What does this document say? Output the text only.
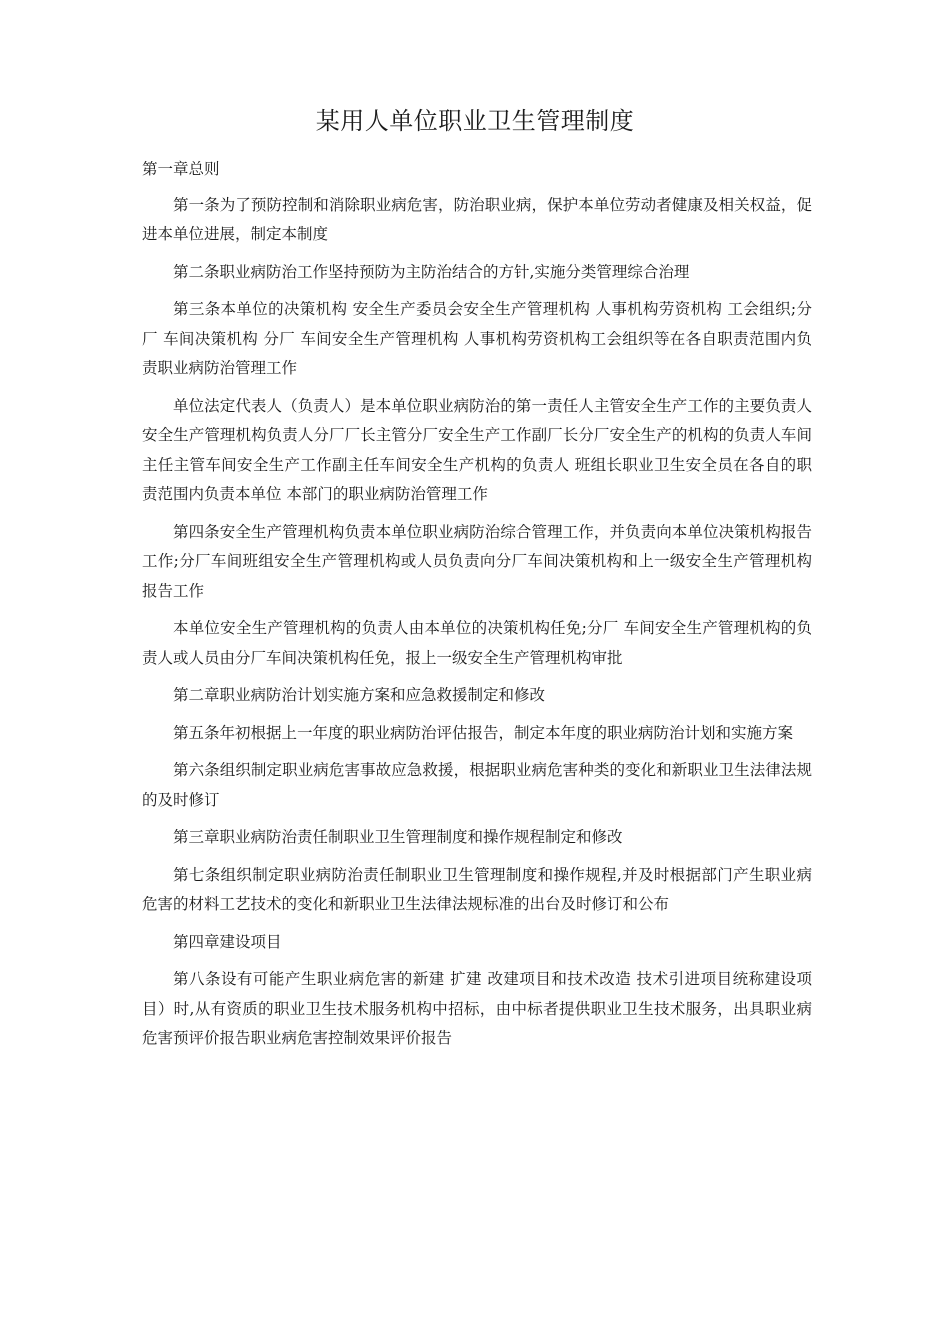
某用人单位职业卫生管理制度

第一章总则

第一条为了预防控制和消除职业病危害，防治职业病，保护本单位劳动者健康及相关权益，促进本单位进展，制定本制度

第二条职业病防治工作坚持预防为主防治结合的方针,实施分类管理综合治理

第三条本单位的决策机构 安全生产委员会安全生产管理机构 人事机构劳资机构 工会组织;分厂 车间决策机构 分厂 车间安全生产管理机构 人事机构劳资机构工会组织等在各自职责范围内负责职业病防治管理工作

单位法定代表人（负责人）是本单位职业病防治的第一责任人主管安全生产工作的主要负责人安全生产管理机构负责人分厂厂长主管分厂安全生产工作副厂长分厂安全生产的机构的负责人车间主任主管车间安全生产工作副主任车间安全生产机构的负责人 班组长职业卫生安全员在各自的职责范围内负责本单位 本部门的职业病防治管理工作

第四条安全生产管理机构负责本单位职业病防治综合管理工作，并负责向本单位决策机构报告工作;分厂车间班组安全生产管理机构或人员负责向分厂车间决策机构和上一级安全生产管理机构报告工作

本单位安全生产管理机构的负责人由本单位的决策机构任免;分厂 车间安全生产管理机构的负责人或人员由分厂车间决策机构任免，报上一级安全生产管理机构审批

第二章职业病防治计划实施方案和应急救援制定和修改

第五条年初根据上一年度的职业病防治评估报告，制定本年度的职业病防治计划和实施方案

第六条组织制定职业病危害事故应急救援，根据职业病危害种类的变化和新职业卫生法律法规的及时修订

第三章职业病防治责任制职业卫生管理制度和操作规程制定和修改

第七条组织制定职业病防治责任制职业卫生管理制度和操作规程,并及时根据部门产生职业病危害的材料工艺技术的变化和新职业卫生法律法规标准的出台及时修订和公布

第四章建设项目

第八条设有可能产生职业病危害的新建 扩建 改建项目和技术改造 技术引进项目统称建设项目）时,从有资质的职业卫生技术服务机构中招标，由中标者提供职业卫生技术服务，出具职业病危害预评价报告职业病危害控制效果评价报告
